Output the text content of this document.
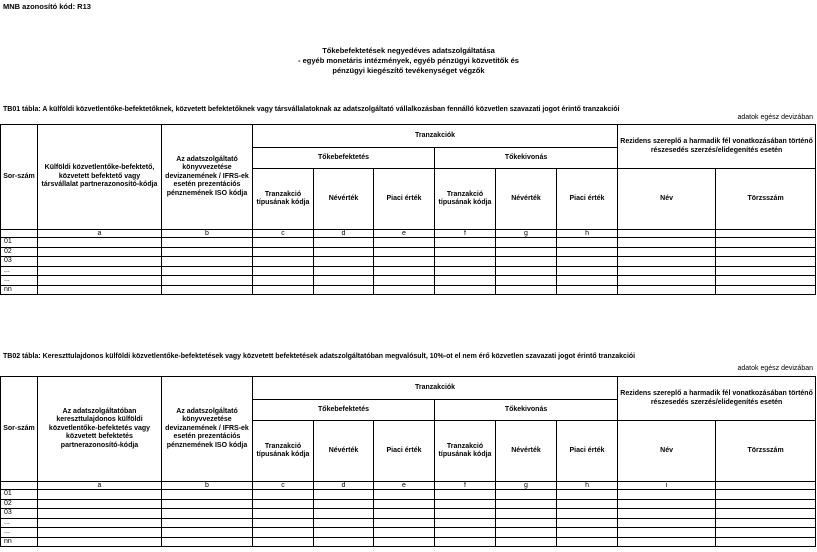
MNB azonosító kód: R13
Tőkebefektetések negyedéves adatszolgáltatása
- egyéb monetáris intézmények, egyéb pénzügyi közvetítők és
pénzügyi kiegészítő tevékenységet végzők
TB01 tábla: A külföldi közvetlentőke-befektetőknek, közvetett befektetőknek vagy társvállalatoknak az adatszolgáltató vállalkozásban fennálló közvetlen szavazati jogot érintő tranzakciói
adatok egész devizában
Sor-szám	Külföldi közvetlentőke-befektető, közvetett befektető vagy társvállalat partnerazonosító-kódja	Az adatszolgáltató könyvvezetése devizanemének / IFRS-ek esetén prezentációs pénznemének ISO kódja	Tranzakciók						Rezidens szereplő a harmadik fél vonatkozásában történő részesedés szerzés/elidegenítés esetén	
			Tőkebefektetés			Tőkekivonás				
			Tranzakció típusának kódja	Névérték	Piaci érték	Tranzakció típusának kódja	Névérték	Piaci érték	Név	Törzsszám
	a	b	c	d	e	f	g	h		
01										
02										
03										
...										
...										
nn										
TB02 tábla: Kereszttulajdonos külföldi közvetlentőke-befektetések vagy közvetett befektetések adatszolgáltatóban megvalósult, 10%-ot el nem érő közvetlen szavazati jogot érintő tranzakciói
adatok egész devizában
Sor-szám	Az adatszolgáltatóban kereszttulajdonos külföldi közvetlentőke-befektetés vagy közvetett befektetés partnerazonosító-kódja	Az adatszolgáltató könyvvezetése devizanemének / IFRS-ek esetén prezentációs pénznemének ISO kódja	Tranzakciók						Rezidens szereplő a harmadik fél vonatkozásában történő részesedés szerzés/elidegenítés esetén	
			Tőkebefektetés			Tőkekivonás				
			Tranzakció típusának kódja	Névérték	Piaci érték	Tranzakció típusának kódja	Névérték	Piaci érték	Név	Törzsszám
	a	b	c	d	e	f	g	h	i	
01										
02										
03										
...										
...										
nn										
